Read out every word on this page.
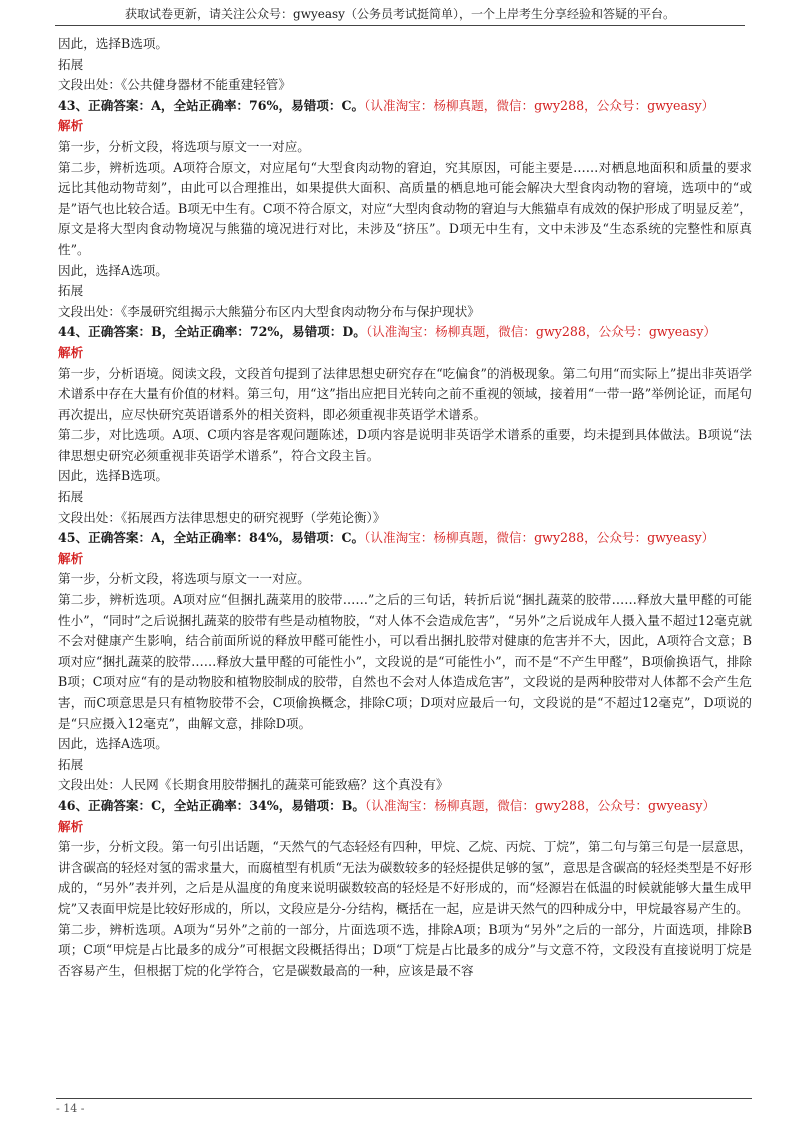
获取试卷更新，请关注公众号：gwyeasy（公务员考试挺简单），一个上岸考生分享经验和答疑的平台。

因此，选择B选项。

拓展

文段出处：《公共健身器材不能重建轻管》

43、正确答案：A，全站正确率：76%，易错项：C。（认准淘宝：杨柳真题，微信：gwy288，公众号：gwyeasy）

解析

第一步，分析文段，将选项与原文一一对应。

第二步，辨析选项。A项符合原文，对应尾句“大型食肉动物的窘迫，究其原因，可能主要是……对栖息地面积和质量的要求远比其他动物苛刻”，由此可以合理推出，如果提供大面积、高质量的栖息地可能会解决大型食肉动物的窘境，选项中的“或是”语气也比较合适。B项无中生有。C项不符合原文，对应“大型肉食动物的窘迫与大熊猫卓有成效的保护形成了明显反差”，原文是将大型肉食动物境况与熊猫的境况进行对比，未涉及“挤压”。D项无中生有，文中未涉及“生态系统的完整性和原真性”。

因此，选择A选项。

拓展

文段出处：《李晟研究组揭示大熊猫分布区内大型食肉动物分布与保护现状》

44、正确答案：B，全站正确率：72%，易错项：D。（认准淘宝：杨柳真题，微信：gwy288，公众号：gwyeasy）

解析

第一步，分析语境。阅读文段，文段首句提到了法律思想史研究存在“吃偏食”的消极现象。第二句用“而实际上”提出非英语学术谱系中存在大量有价值的材料。第三句，用“这”指出应把目光转向之前不重视的领域，接着用“一带一路”举例论证，而尾句再次提出，应尽快研究英语谱系外的相关资料，即必须重视非英语学术谱系。

第二步，对比选项。A项、C项内容是客观问题陈述，D项内容是说明非英语学术谱系的重要，均未提到具体做法。B项说“法律思想史研究必须重视非英语学术谱系”，符合文段主旨。

因此，选择B选项。

拓展

文段出处：《拓展西方法律思想史的研究视野（学苑论衡）》

45、正确答案：A，全站正确率：84%，易错项：C。（认准淘宝：杨柳真题，微信：gwy288，公众号：gwyeasy）

解析

第一步，分析文段，将选项与原文一一对应。

第二步，辨析选项。A项对应“但捆扎蔬菜用的胶带……”之后的三句话，转折后说“捆扎蔬菜的胶带……释放大量甲醛的可能性小”，“同时”之后说捆扎蔬菜的胶带有些是动植物胶，“对人体不会造成危害”，“另外”之后说成年人摄入量不超过12毫克就不会对健康产生影响，结合前面所说的释放甲醛可能性小，可以看出捆扎胶带对健康的危害并不大，因此，A项符合文意；B项对应“捆扎蔬菜的胶带……释放大量甲醛的可能性小”，文段说的是“可能性小”，而不是“不产生甲醛”，B项偷换语气，排除B项；C项对应“有的是动物胶和植物胶制成的胶带，自然也不会对人体造成危害”，文段说的是两种胶带对人体都不会产生危害，而C项意思是只有植物胶带不会，C项偷换概念，排除C项；D项对应最后一句，文段说的是“不超过12毫克”，D项说的是“只应摄入12毫克”，曲解文意，排除D项。

因此，选择A选项。

拓展

文段出处：人民网《长期食用胶带捆扎的蔬菜可能致癌？这个真没有》

46、正确答案：C，全站正确率：34%，易错项：B。（认准淘宝：杨柳真题，微信：gwy288，公众号：gwyeasy）

解析

第一步，分析文段。第一句引出话题，“天然气的气态轻烃有四种，甲烷、乙烷、丙烷、丁烷”，第二句与第三句是一层意思，讲含碳高的轻烃对氢的需求量大，而腐植型有机质“无法为碳数较多的轻烃提供足够的氢”，意思是含碳高的轻烃类型是不好形成的，“另外”表并列，之后是从温度的角度来说明碳数较高的轻烃是不好形成的，而“烃源岩在低温的时候就能够大量生成甲烷”又表面甲烷是比较好形成的，所以，文段应是分-分结构，概括在一起，应是讲天然气的四种成分中，甲烷最容易产生的。

第二步，辨析选项。A项为“另外”之前的一部分，片面选项不选，排除A项；B项为“另外”之后的一部分，片面选项，排除B项；C项“甲烷是占比最多的成分”可根据文段概括得出；D项“丁烷是占比最多的成分”与文意不符，文段没有直接说明丁烷是否容易产生，但根据丁烷的化学符合，它是碳数最高的一种，应该是最不容

- 14 -
